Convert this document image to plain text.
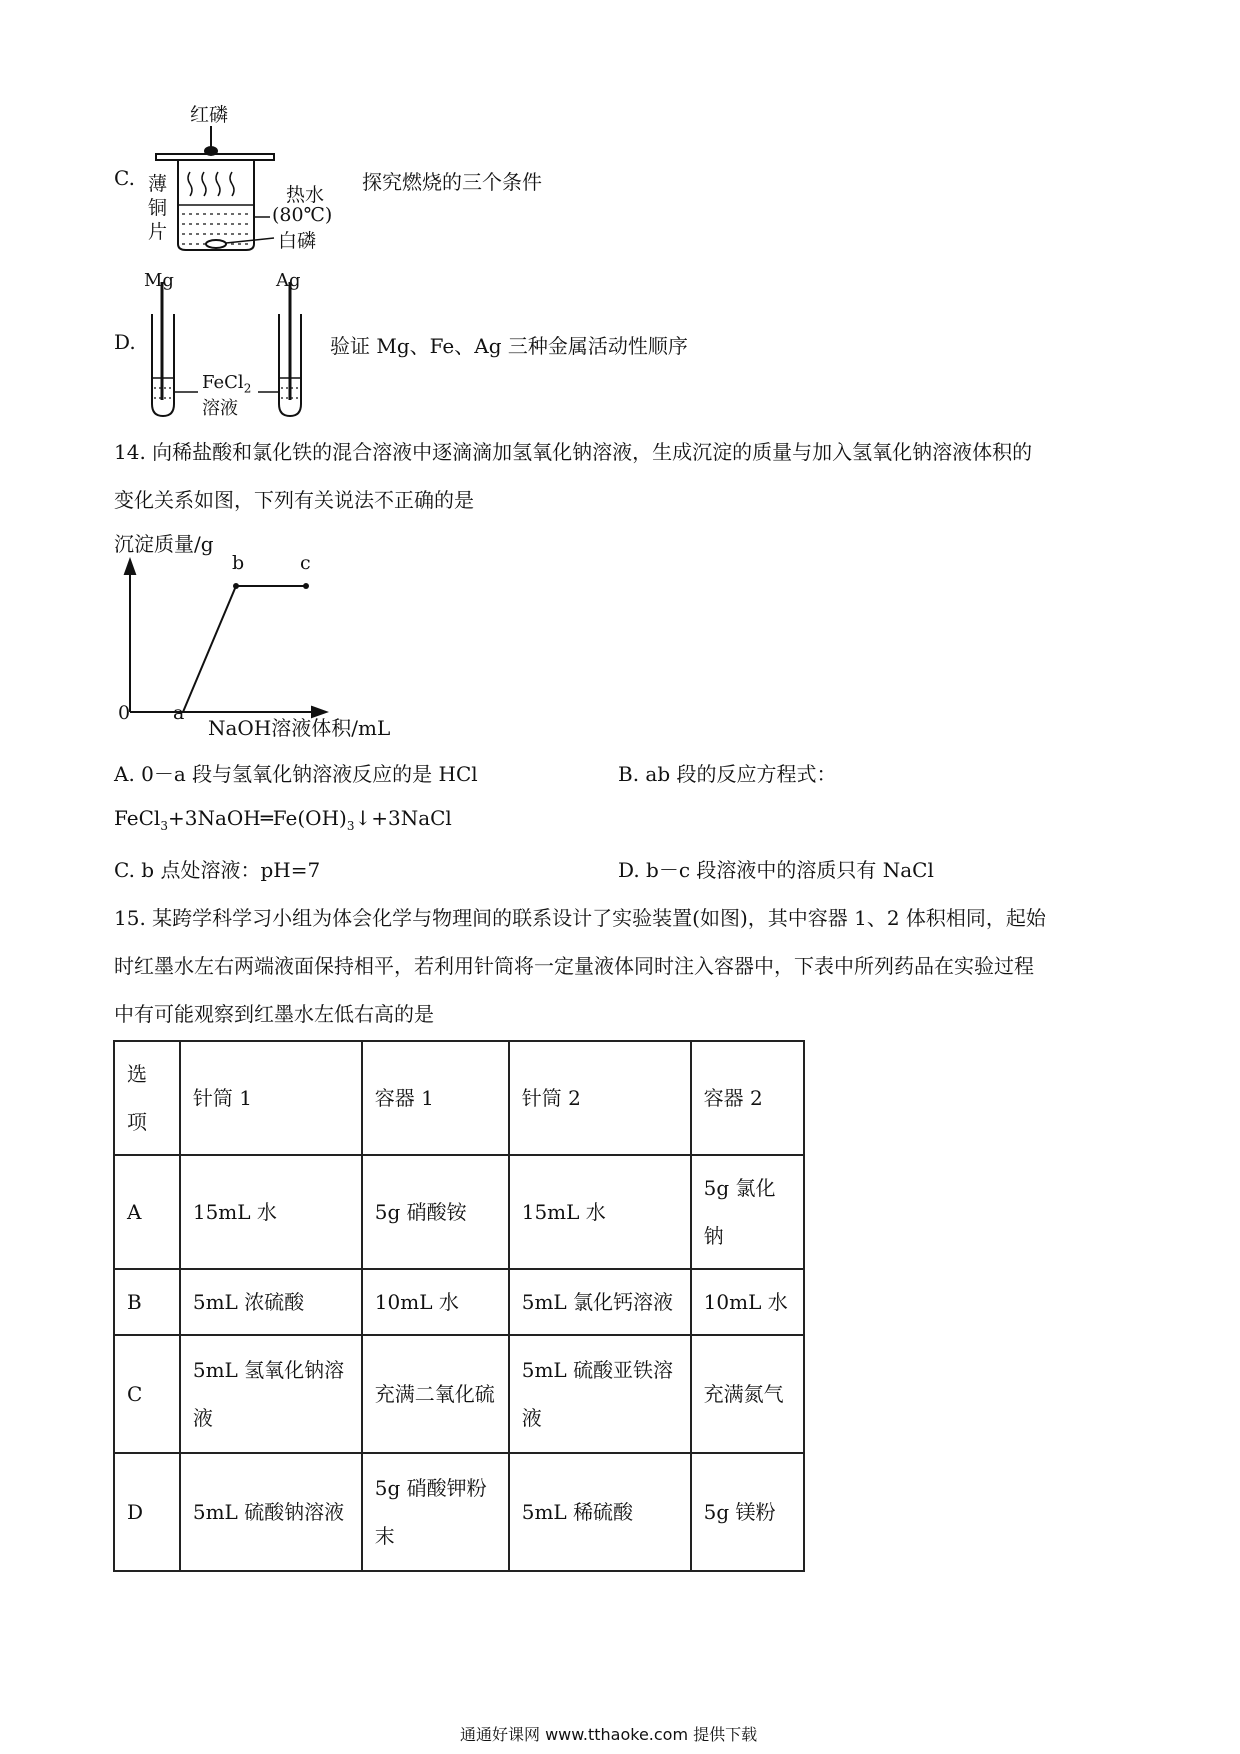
C.
红磷
薄
铜
片
热水
(80℃)
白磷
探究燃烧的三个条件
Mg	Ag
D.
FeCl$_2$
溶液
验证 Mg、Fe、Ag 三种金属活动性顺序
14. 向稀盐酸和氯化铁的混合溶液中逐滴滴加氢氧化钠溶液，生成沉淀的质量与加入氢氧化钠溶液体积的
变化关系如图，下列有关说法不正确的是
沉淀质量/g
0 a
b	c
NaOH溶液体积/mL
A. 0－a 段与氢氧化钠溶液反应的是 HCl	B. ab 段的反应方程式：
$FeCl_3+3NaOH═Fe(OH)_3↓+3NaCl$
C. b 点处溶液：pH=7	D. b－c 段溶液中的溶质只有 NaCl
15. 某跨学科学习小组为体会化学与物理间的联系设计了实验装置(如图)，其中容器 1、2 体积相同，起始
时红墨水左右两端液面保持相平，若利用针筒将一定量液体同时注入容器中，下表中所列药品在实验过程
中有可能观察到红墨水左低右高的是
选项	针筒 1	容器 1	针筒 2	容器 2
A	15mL 水	5g 硝酸铵	15mL 水	5g 氯化钠
B	5mL 浓硫酸	10mL 水	5mL 氯化钙溶液	10mL 水
C	5mL 氢氧化钠溶液	充满二氧化硫	5mL 硫酸亚铁溶液	充满氮气
D	5mL 硫酸钠溶液	5g 硝酸钾粉末	5mL 稀硫酸	5g 镁粉
通通好课网 www.tthaoke.com 提供下载
